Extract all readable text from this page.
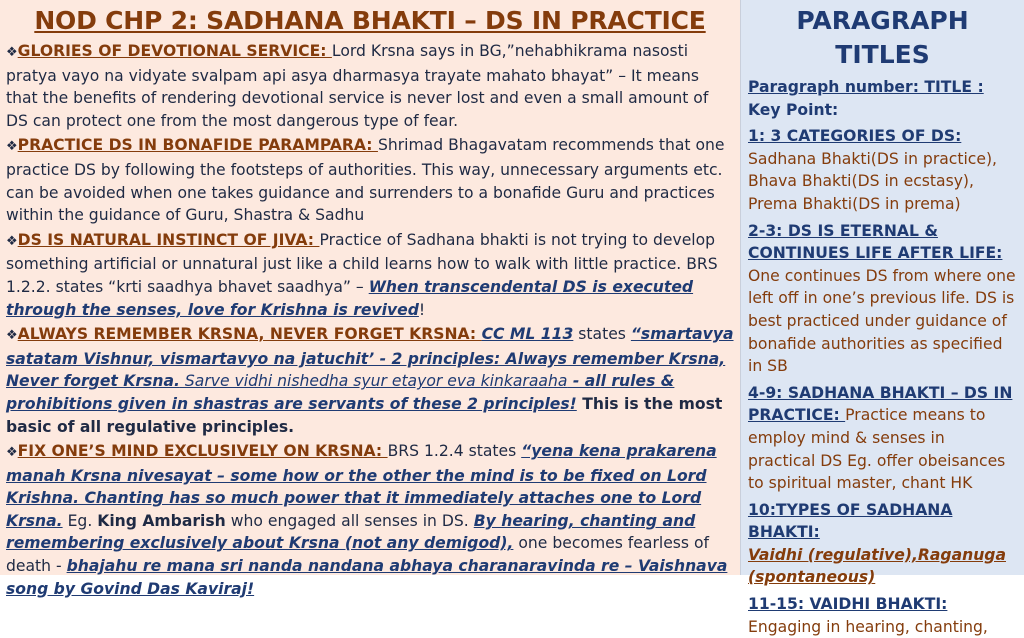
NOD CHP 2: SADHANA BHAKTI – DS IN PRACTICE

❖GLORIES OF DEVOTIONAL SERVICE: Lord Krsna says in BG,”nehabhikrama nasosti pratya vayo na vidyate svalpam api asya dharmasya trayate mahato bhayat” – It means that the benefits of rendering devotional service is never lost and even a small amount of DS can protect one from the most dangerous type of fear.

❖PRACTICE DS IN BONAFIDE PARAMPARA: Shrimad Bhagavatam recommends that one practice DS by following the footsteps of authorities. This way, unnecessary arguments etc. can be avoided when one takes guidance and surrenders to a bonafide Guru and practices within the guidance of Guru, Shastra & Sadhu

❖DS IS NATURAL INSTINCT OF JIVA: Practice of Sadhana bhakti is not trying to develop something artificial or unnatural just like a child learns how to walk with little practice. BRS 1.2.2. states “krti saadhya bhavet saadhya” – When transcendental DS is executed through the senses, love for Krishna is revived!

❖ALWAYS REMEMBER KRSNA, NEVER FORGET KRSNA: CC ML 113 states “smartavya satatam Vishnur, vismartavyo na jatuchit’ - 2 principles: Always remember Krsna, Never forget Krsna. Sarve vidhi nishedha syur etayor eva kinkaraaha - all rules & prohibitions given in shastras are servants of these 2 principles! This is the most basic of all regulative principles.

❖FIX ONE’S MIND EXCLUSIVELY ON KRSNA: BRS 1.2.4 states “yena kena prakarena manah Krsna nivesayat – some how or the other the mind is to be fixed on Lord Krishna. Chanting has so much power that it immediately attaches one to Lord Krsna. Eg. King Ambarish who engaged all senses in DS. By hearing, chanting and remembering exclusively about Krsna (not any demigod), one becomes fearless of death - bhajahu re mana sri nanda nandana abhaya charanaravinda re – Vaishnava song by Govind Das Kaviraj!

PARAGRAPH TITLES

Paragraph number: TITLE : Key Point:

1: 3 CATEGORIES OF DS: Sadhana Bhakti(DS in practice), Bhava Bhakti(DS in ecstasy), Prema Bhakti(DS in prema)

2-3: DS IS ETERNAL & CONTINUES LIFE AFTER LIFE:
One continues DS from where one left off in one’s previous life. DS is best practiced under guidance of bonafide authorities as specified in SB

4-9: SADHANA BHAKTI – DS IN PRACTICE: Practice means to employ mind & senses in practical DS Eg. offer obeisances to spiritual master, chant HK

10:TYPES OF SADHANA BHAKTI:
Vaidhi (regulative),Raganuga (spontaneous)

11-15: VAIDHI BHAKTI: Engaging in hearing, chanting,
